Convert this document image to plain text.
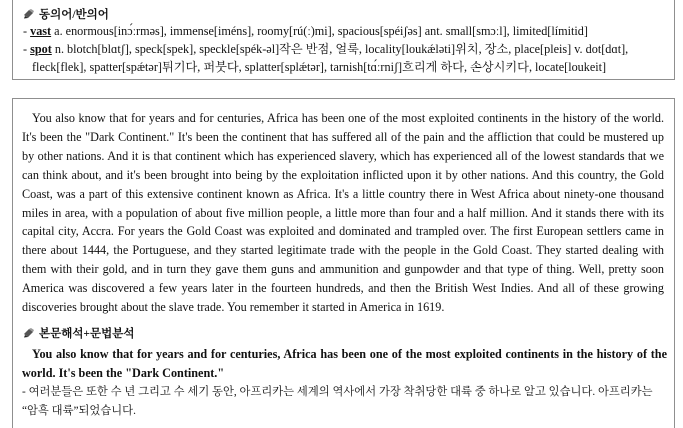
동의어/반의어
- vast a. enormous[inɔ́ːrməs], immense[iméns], roomy[rú(ː)mi], spacious[spéiʃəs] ant. small[smɔːl], limited[límitid]
- spot n. blotch[blɑtʃ], speck[spek], speckle[spék-əl]작은 반점, 얼룩, locality[loukǽləti]위치, 장소, place[pleis] v. dot[dɑt],
fleck[flek], spatter[spǽtər]튀기다, 퍼붓다, splatter[splǽtər], tarnish[tɑ́ːrniʃ]흐리게 하다, 손상시키다, locate[loukeit]
You also know that for years and for centuries, Africa has been one of the most exploited continents in the history of the world. It's been the "Dark Continent." It's been the continent that has suffered all of the pain and the affliction that could be mustered up by other nations. And it is that continent which has experienced slavery, which has experienced all of the lowest standards that we can think about, and it's been brought into being by the exploitation inflicted upon it by other nations. And this country, the Gold Coast, was a part of this extensive continent known as Africa. It's a little country there in West Africa about ninety-one thousand miles in area, with a population of about five million people, a little more than four and a half million. And it stands there with its capital city, Accra. For years the Gold Coast was exploited and dominated and trampled over. The first European settlers came in there about 1444, the Portuguese, and they started legitimate trade with the people in the Gold Coast. They started dealing with them with their gold, and in turn they gave them guns and ammunition and gunpowder and that type of thing. Well, pretty soon America was discovered a few years later in the fourteen hundreds, and then the British West Indies. And all of these growing discoveries brought about the slave trade. You remember it started in America in 1619.
본문해석+문법분석
You also know that for years and for centuries, Africa has been one of the most exploited continents in the history of the world. It's been the "Dark Continent."
- 여러분들은 또한 수 년 그리고 수 세기 동안, 아프리카는 세계의 역사에서 가장 착취당한 대륙 중 하나로 알고 있습니다. 아프리카는 “암흑 대륙”되었습니다.
